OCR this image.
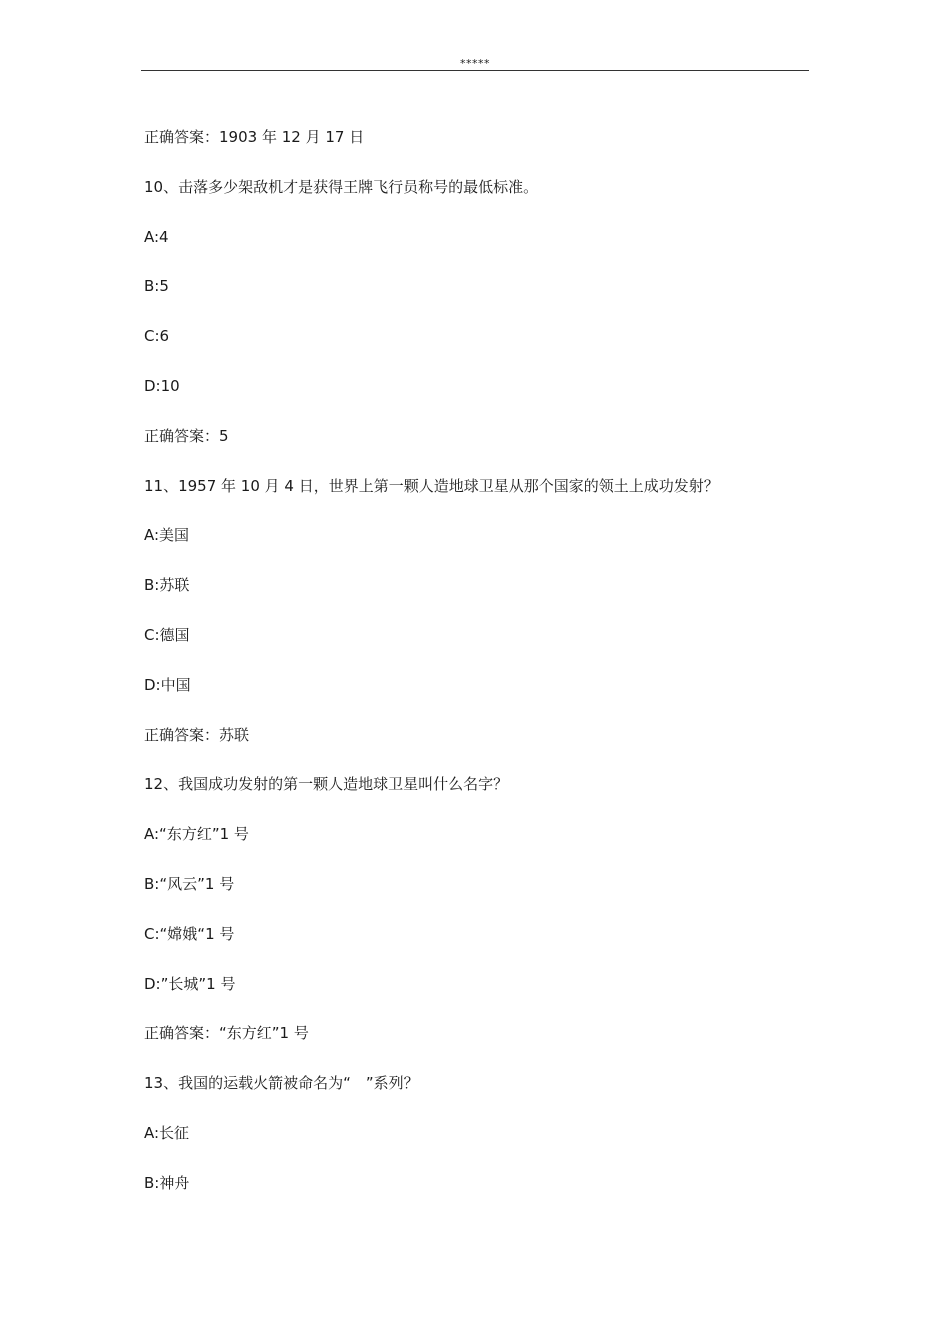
*****
正确答案：1903 年 12 月 17 日
10、击落多少架敌机才是获得王牌飞行员称号的最低标准。
A:4
B:5
C:6
D:10
正确答案：5
11、1957 年 10 月 4 日，世界上第一颗人造地球卫星从那个国家的领土上成功发射？
A:美国
B:苏联
C:德国
D:中国
正确答案：苏联
12、我国成功发射的第一颗人造地球卫星叫什么名字？
A:“东方红”1 号
B:“风云”1 号
C:“嫦娥“1 号
D:”长城”1 号
正确答案：“东方红”1 号
13、我国的运载火箭被命名为“　”系列？
A:长征
B:神舟
